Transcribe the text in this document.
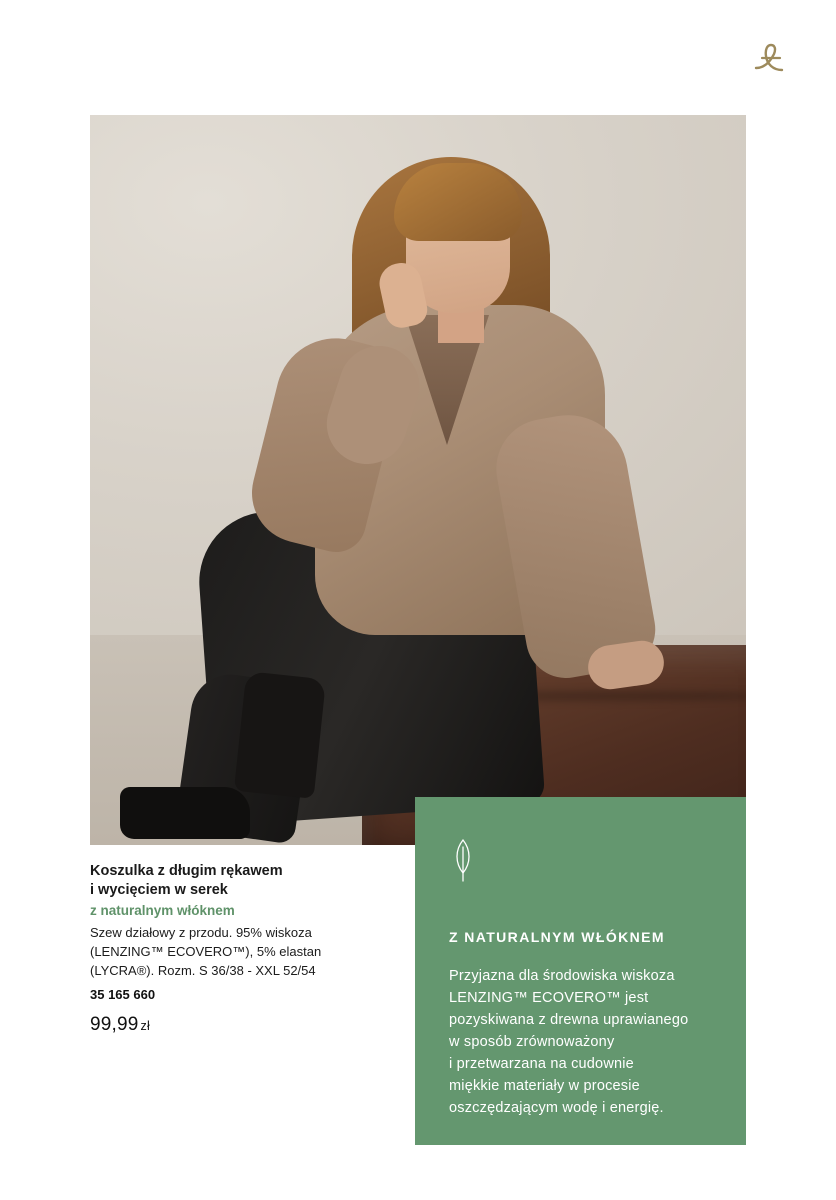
Koszulka z długim rękawem
i wycięciem w serek

z naturalnym włóknem

Szew działowy z przodu. 95% wiskoza
(LENZING™ ECOVERO™), 5% elastan
(LYCRA®). Rozm. S 36/38 - XXL 52/54

35 165 660

99,99 zł

Z NATURALNYM WŁÓKNEM

Przyjazna dla środowiska wiskoza
LENZING™ ECOVERO™ jest
pozyskiwana z drewna uprawianego
w sposób zrównoważony
i przetwarzana na cudownie
miękkie materiały w procesie
oszczędzającym wodę i energię.
